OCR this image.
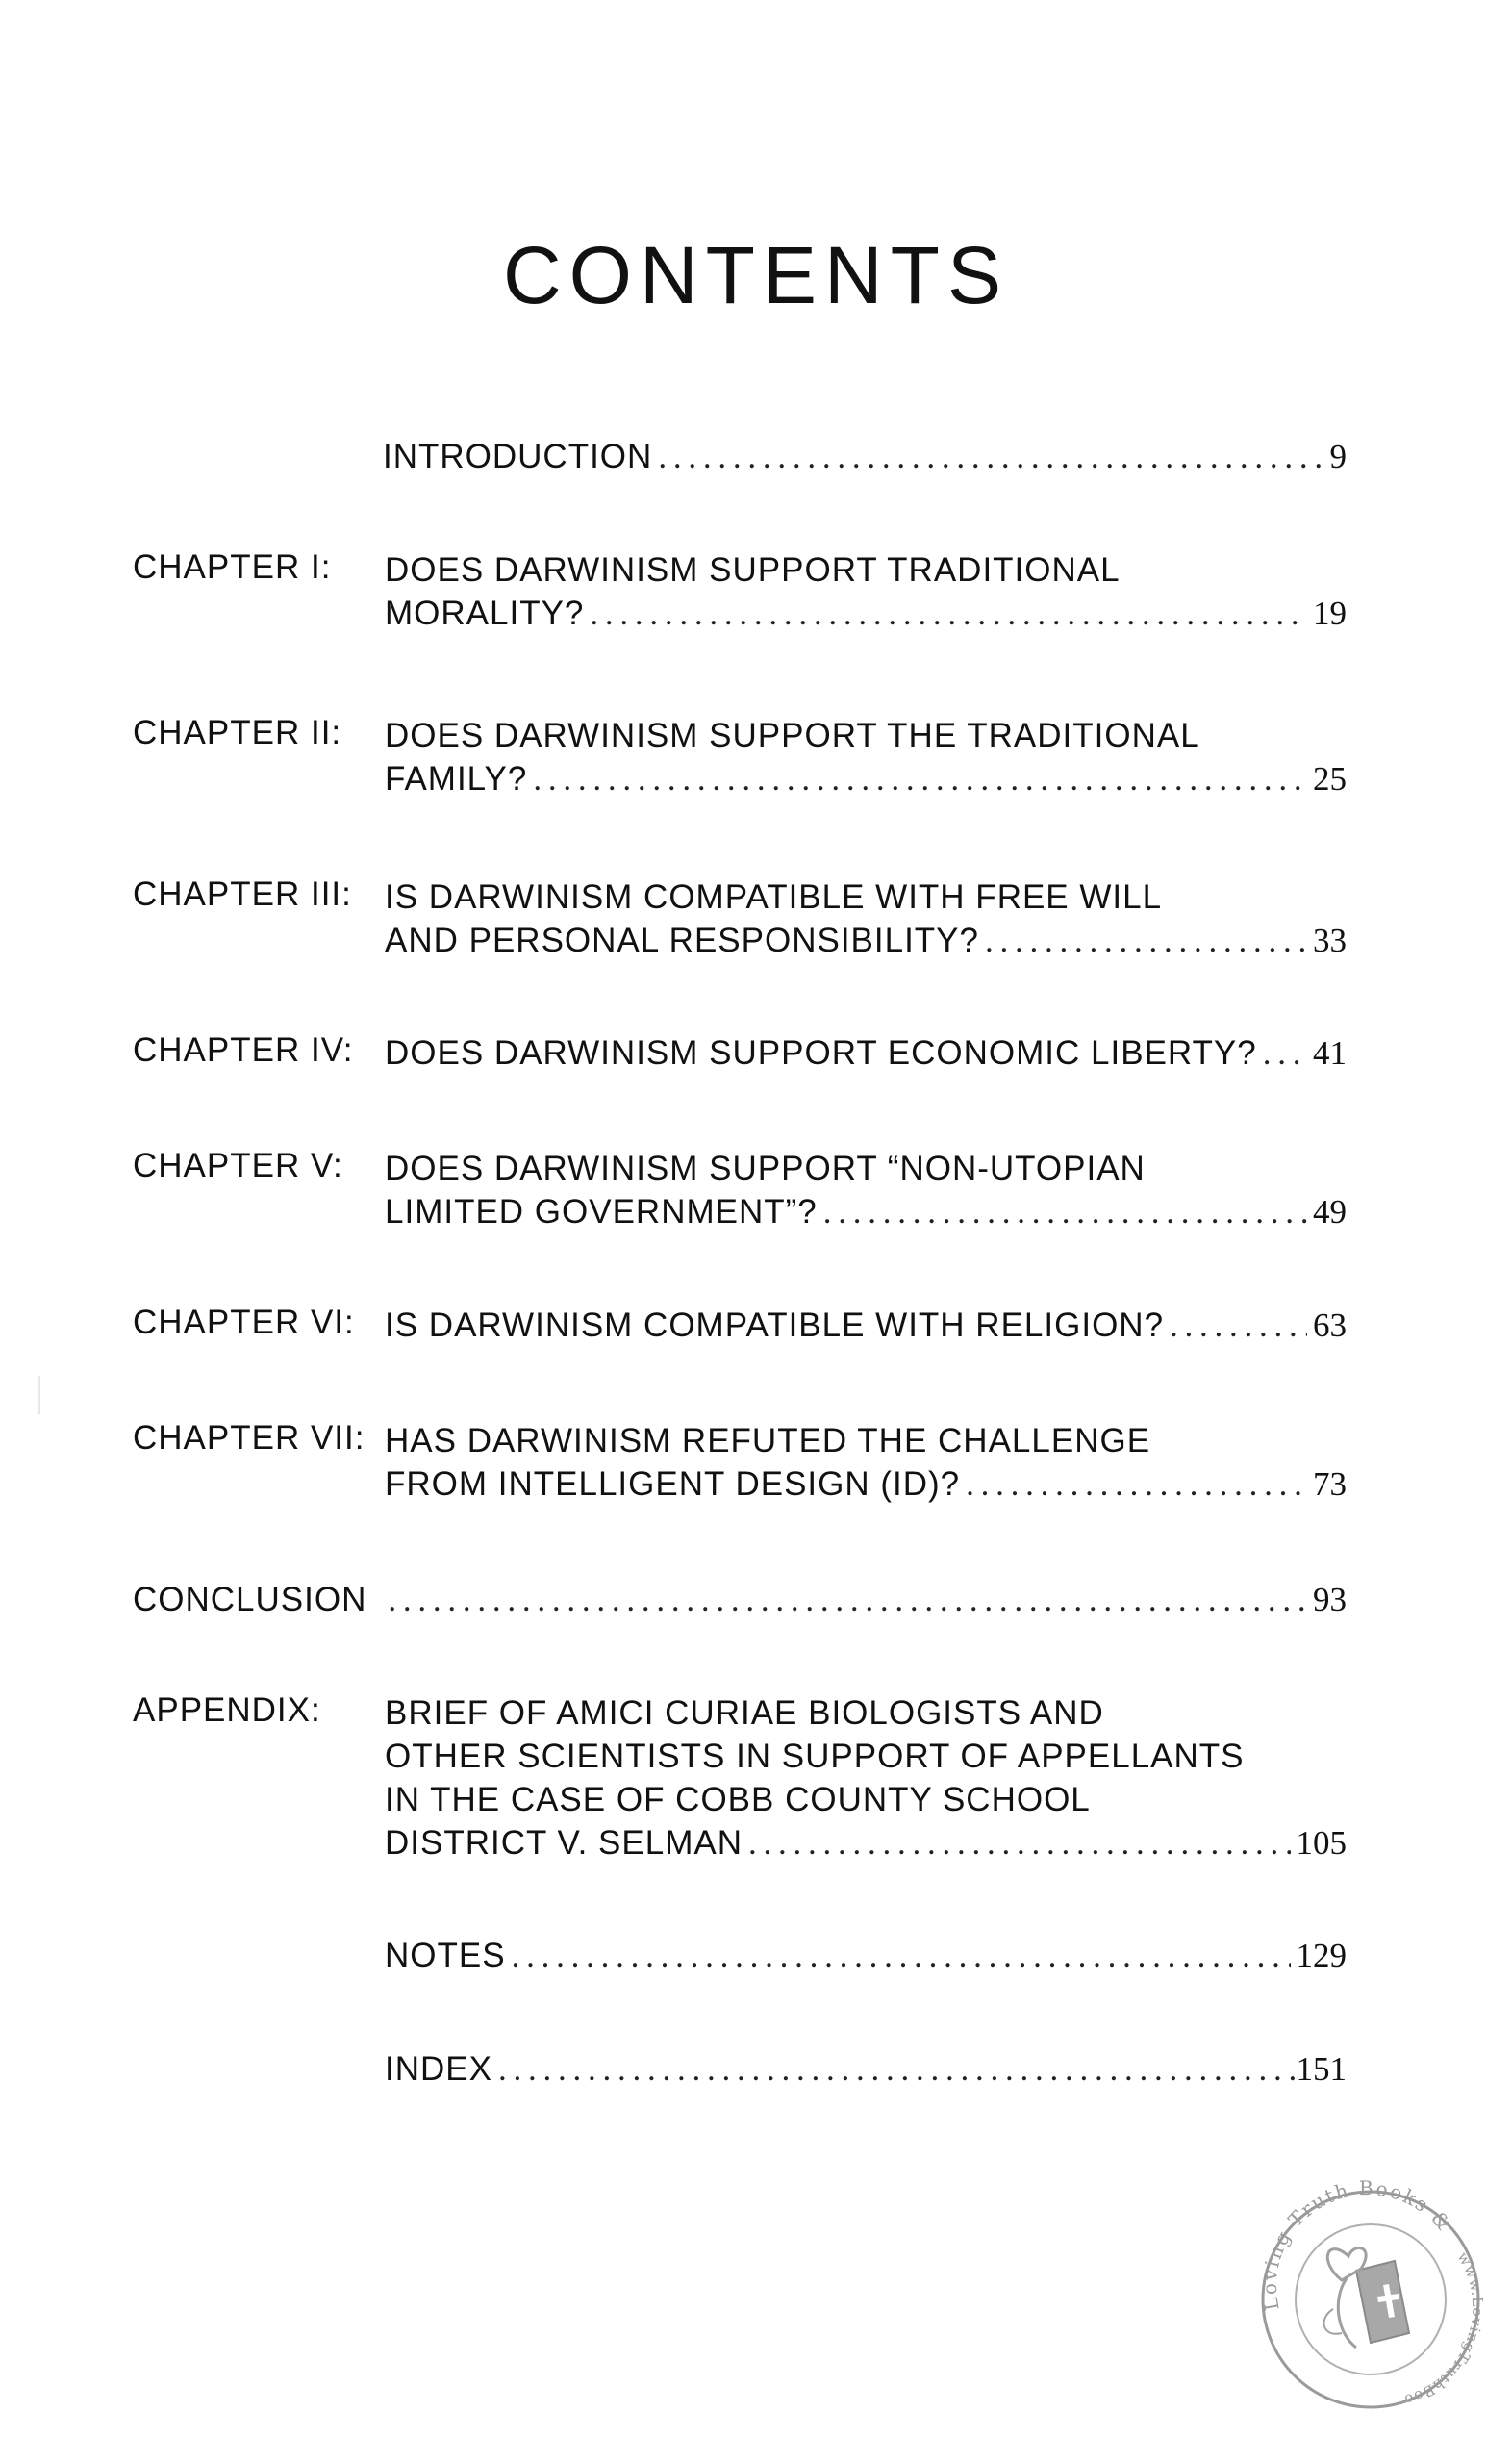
CONTENTS
INTRODUCTION . . .	9
CHAPTER I: DOES DARWINISM SUPPORT TRADITIONAL
MORALITY? . . .	19
CHAPTER II: DOES DARWINISM SUPPORT THE TRADITIONAL
FAMILY? . . .	25
CHAPTER III: IS DARWINISM COMPATIBLE WITH FREE WILL
AND PERSONAL RESPONSIBILITY? . . .	33
CHAPTER IV: DOES DARWINISM SUPPORT ECONOMIC LIBERTY? . . . 41
CHAPTER V: DOES DARWINISM SUPPORT “NON-UTOPIAN
LIMITED GOVERNMENT”? . . .	49
CHAPTER VI: IS DARWINISM COMPATIBLE WITH RELIGION? . . .	63
CHAPTER VII: HAS DARWINISM REFUTED THE CHALLENGE
FROM INTELLIGENT DESIGN (ID)? . . .	73
CONCLUSION . . .	93
APPENDIX: BRIEF OF AMICI CURIAE BIOLOGISTS AND
OTHER SCIENTISTS IN SUPPORT OF APPELLANTS
IN THE CASE OF COBB COUNTY SCHOOL
DISTRICT V. SELMAN . . .	105
NOTES . . .	129
INDEX . . .	151
Loving Truth Books &
www.LovingTruthBoo
